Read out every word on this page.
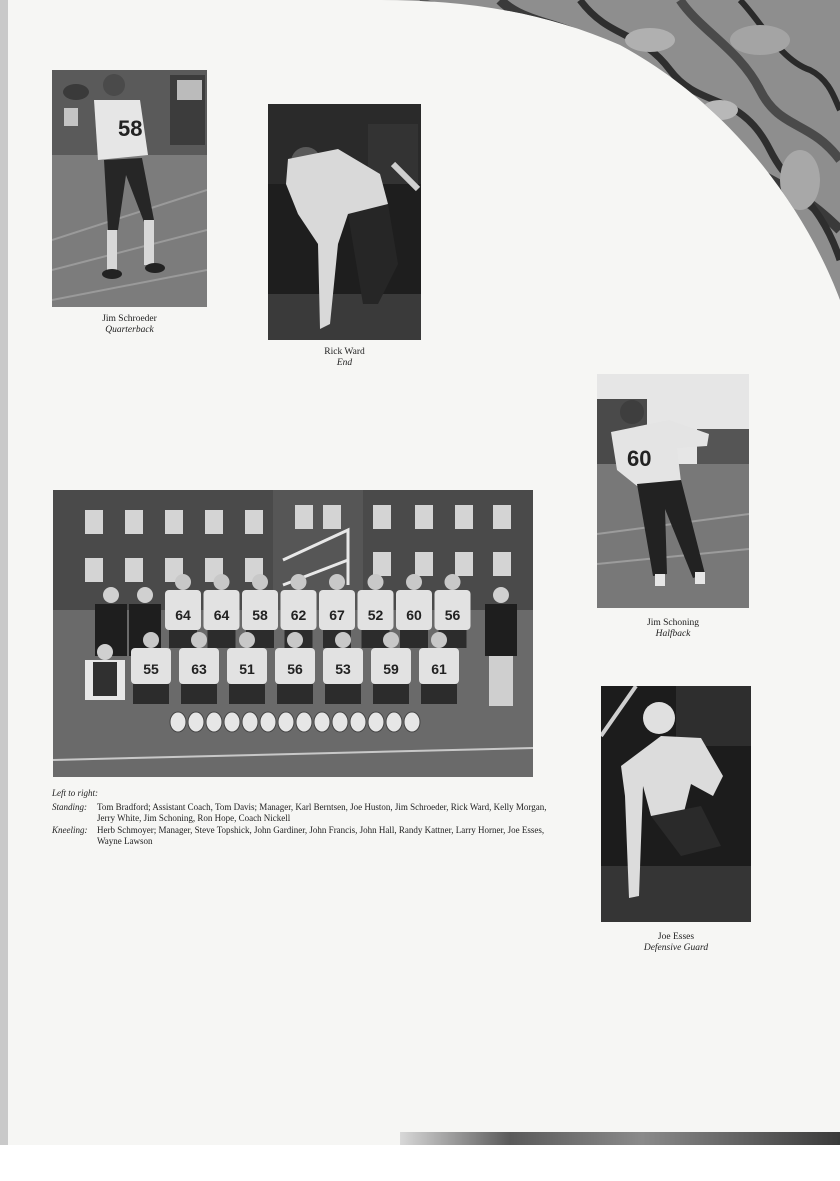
58
Jim Schroeder
Quarterback
Rick Ward
End
60
Jim Schoning
Halfback
Joe Esses
Defensive Guard
64 64 58 62 67 52 60 56
55 63 51 56 53 59 61
Left to right:
Standing:	Tom Bradford; Assistant Coach, Tom Davis; Manager, Karl Berntsen, Joe Huston, Jim Schroeder, Rick Ward, Kelly Morgan, Jerry White, Jim Schoning, Ron Hope, Coach Nickell
Kneeling:	Herb Schmoyer; Manager, Steve Topshick, John Gardiner, John Francis, John Hall, Randy Kattner, Larry Horner, Joe Esses, Wayne Lawson
